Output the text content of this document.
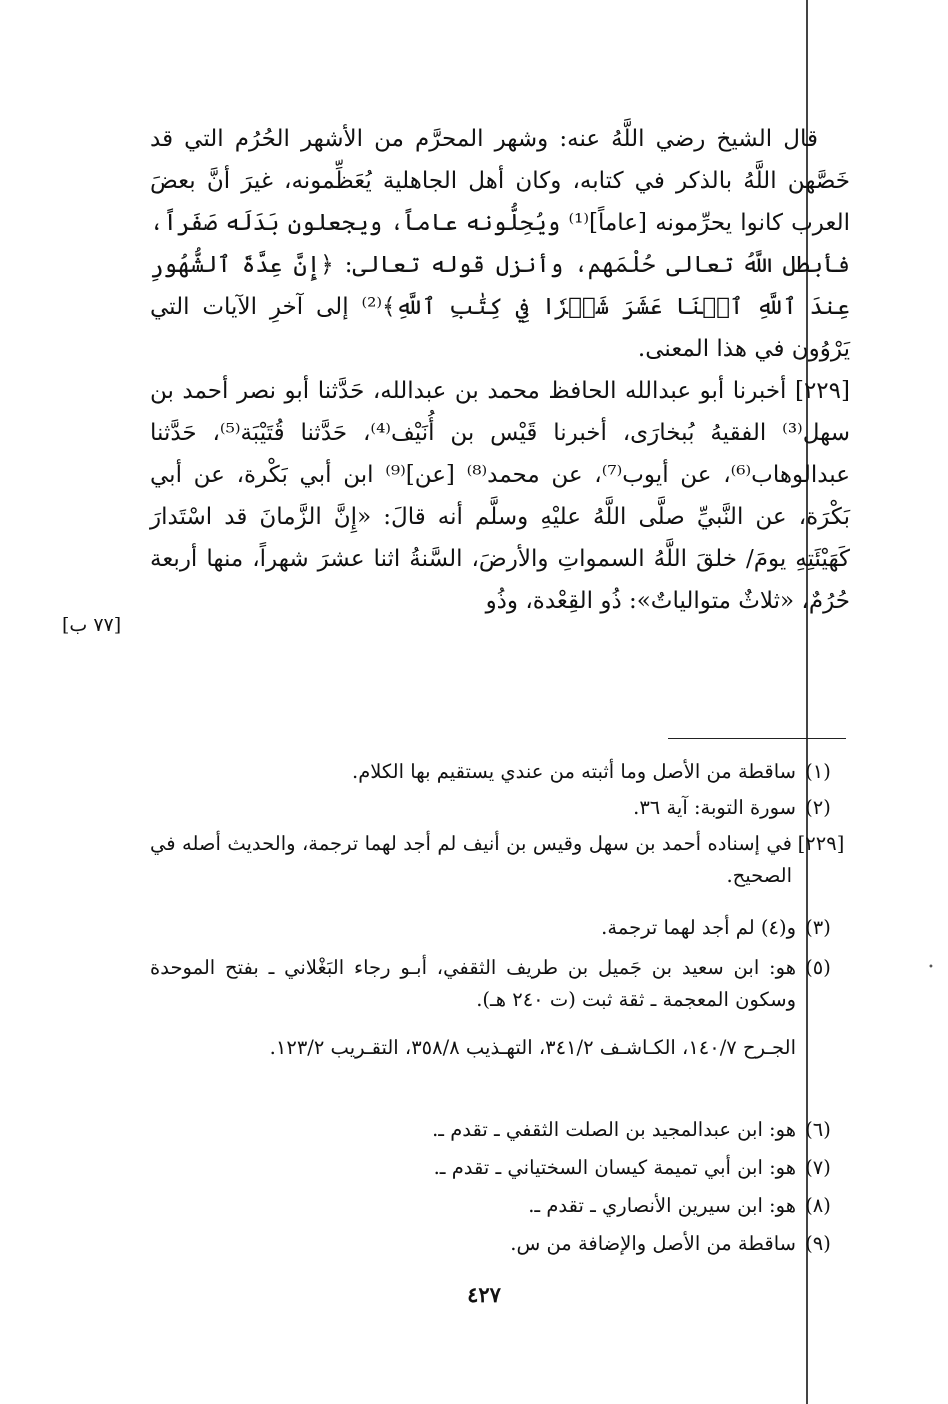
قال الشيخ رضي اللَّهُ عنه: وشهر المحرَّم من الأشهر الحُرُم التي قد خَصَّهن اللَّهُ بالذكر في كتابه، وكان أهل الجاهلية يُعَظِّمونه، غيرَ أنَّ بعضَ العرب كانوا يحرِّمونه [عاماً]⁽¹⁾ ويُحِلُّونه عاماً، ويجعلون بَدَلَه صَفَراً، فأبطل اللَّهُ تعالى حُلْمَهم، وأنزل قوله تعالى: ﴿إِنَّ عِدَّةَ ٱلشُّهُورِ عِندَ ٱللَّهِ ٱثۡنَا عَشَرَ شَهۡرٗا فِي كِتَٰبِ ٱللَّهِ﴾⁽²⁾ إلى آخرِ الآيات التي يَرْوُون في هذا المعنى.

[٢٢٩] أخبرنا أبو عبدالله الحافظ محمد بن عبدالله، حَدَّثنا أبو نصر أحمد بن سهل⁽³⁾ الفقيهُ بُبخارَى، أخبرنا قَيْس بن أُنَيْف⁽⁴⁾، حَدَّثنا قُتَيْبَة⁽⁵⁾، حَدَّثنا عبدالوهاب⁽⁶⁾، عن أيوب⁽⁷⁾، عن محمد⁽⁸⁾ [عن]⁽⁹⁾ ابن أبي بَكْرة، عن أبي بَكْرَة، عن النَّبيِّ صلَّى اللَّهُ عليْهِ وسلَّم أنه قالَ: «إِنَّ الزَّمانَ قد اسْتَدارَ كَهَيْئَتِهِ يومَ/ خلقَ اللَّهُ السمواتِ والأرضَ، السَّنةُ اثنا عشرَ شهراً، منها أربعة حُرُمٌ، «ثلاثٌ متوالياتٌ»: ذُو القِعْدة، وذُو

[٧٧ ب]
(١)
ساقطة من الأصل وما أثبته من عندي يستقيم بها الكلام.
(٢)
سورة التوبة: آية ٣٦.
[٢٢٩]
في إسناده أحمد بن سهل وقيس بن أنيف لم أجد لهما ترجمة، والحديث أصله في الصحيح.
(٣)
و(٤) لم أجد لهما ترجمة.
(٥)
هو: ابن سعيد بن جَميل بن طريف الثقفي، أبـو رجاء البَغْلاني ـ بفتح الموحدة وسكون المعجمة ـ ثقة ثبت (ت ٢٤٠ هـ).
الجـرح ١٤٠/٧، الكـاشـف ٣٤١/٢، التهـذيب ٣٥٨/٨، التقـريب ١٢٣/٢.
(٦)
هو: ابن عبدالمجيد بن الصلت الثقفي ـ تقدم ـ.
(٧)
هو: ابن أبي تميمة كيسان السختياني ـ تقدم ـ.
(٨)
هو: ابن سيرين الأنصاري ـ تقدم ـ.
(٩)
ساقطة من الأصل والإضافة من س.
٤٢٧
•
